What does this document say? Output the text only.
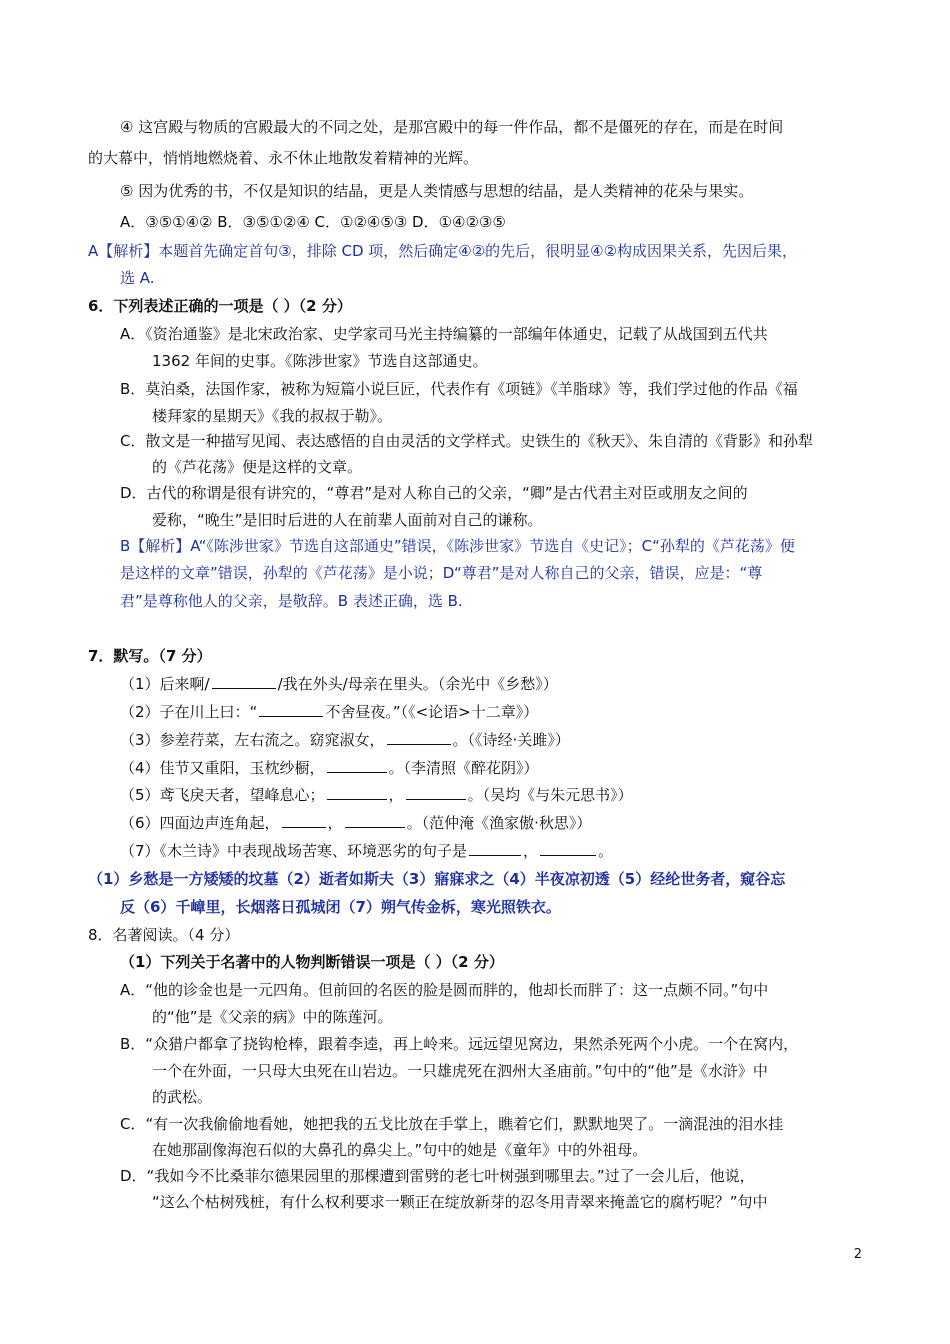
④ 这宫殿与物质的宫殿最大的不同之处，是那宫殿中的每一件作品，都不是僵死的存在，而是在时间
的大幕中，悄悄地燃烧着、永不休止地散发着精神的光辉。
⑤ 因为优秀的书，不仅是知识的结晶，更是人类情感与思想的结晶，是人类精神的花朵与果实。
A．③⑤①④② B．③⑤①②④ C．①②④⑤③ D．①④②③⑤
A【解析】本题首先确定首句③，排除 CD 项，然后确定④②的先后，很明显④②构成因果关系，先因后果，
选 A.
6．下列表述正确的一项是（ ）（2 分）
A．《资治通鉴》是北宋政治家、史学家司马光主持编纂的一部编年体通史，记载了从战国到五代共
1362 年间的史事。《陈涉世家》节选自这部通史。
B．莫泊桑，法国作家，被称为短篇小说巨匠，代表作有《项链》《羊脂球》等，我们学过他的作品《福
楼拜家的星期天》《我的叔叔于勒》。
C．散文是一种描写见闻、表达感悟的自由灵活的文学样式。史铁生的《秋天》、朱自清的《背影》和孙犁
的《芦花荡》便是这样的文章。
D．古代的称谓是很有讲究的，“尊君”是对人称自己的父亲，“卿”是古代君主对臣或朋友之间的
爱称，“晚生”是旧时后进的人在前辈人面前对自己的谦称。
B【解析】A“《陈涉世家》节选自这部通史”错误，《陈涉世家》节选自《史记》；C“孙犁的《芦花荡》便
是这样的文章”错误，孙犁的《芦花荡》是小说；D“尊君”是对人称自己的父亲，错误，应是：“尊
君”是尊称他人的父亲，是敬辞。B 表述正确，选 B.
7．默写。（7 分）
（1）后来啊/	/我在外头/母亲在里头。（余光中《乡愁》）
（2）子在川上曰：“	不舍昼夜。”（《<论语>十二章》）
（3）参差荇菜，左右流之。窈窕淑女，	。（《诗经·关雎》）
（4）佳节又重阳，玉枕纱橱，	。（李清照《醉花阴》）
（5）鸢飞戾天者，望峰息心；	，	。（吴均《与朱元思书》）
（6）四面边声连角起，	，	。（范仲淹《渔家傲·秋思》）
（7）《木兰诗》中表现战场苦寒、环境恶劣的句子是	，	。
（1）乡愁是一方矮矮的坟墓（2）逝者如斯夫（3）寤寐求之（4）半夜凉初透（5）经纶世务者，窥谷忘
反（6）千嶂里，长烟落日孤城闭（7）朔气传金柝，寒光照铁衣。
8．名著阅读。（4 分）
（1）下列关于名著中的人物判断错误一项是（ ）（2 分）
A．“他的诊金也是一元四角。但前回的名医的脸是圆而胖的，他却长而胖了：这一点颇不同。”句中
的“他”是《父亲的病》中的陈莲河。
B．“众猎户都拿了挠钩枪棒，跟着李逵，再上岭来。远远望见窝边，果然杀死两个小虎。一个在窝内，
一个在外面，一只母大虫死在山岩边。一只雄虎死在泗州大圣庙前。”句中的“他”是《水浒》中
的武松。
C．“有一次我偷偷地看她，她把我的五戈比放在手掌上，瞧着它们，默默地哭了。一滴混浊的泪水挂
在她那副像海泡石似的大鼻孔的鼻尖上。”句中的她是《童年》中的外祖母。
D．“我如今不比桑菲尔德果园里的那棵遭到雷劈的老七叶树强到哪里去。”过了一会儿后，他说，
“这么个枯树残桩，有什么权利要求一颗正在绽放新芽的忍冬用青翠来掩盖它的腐朽呢？”句中
2
